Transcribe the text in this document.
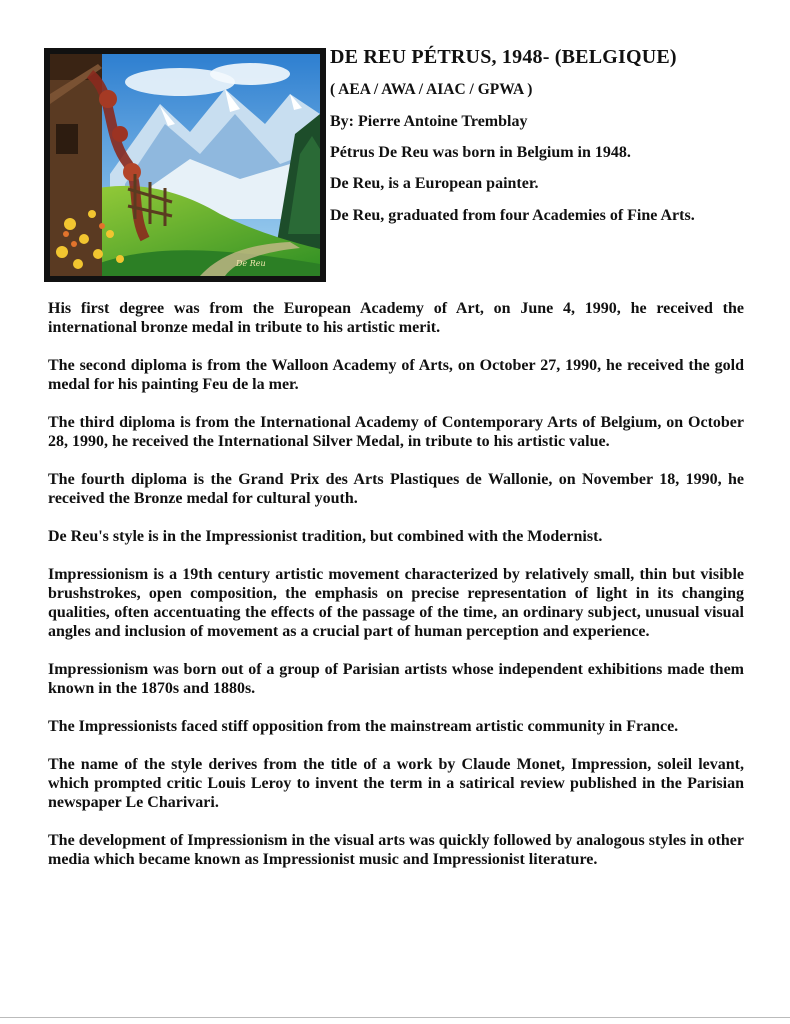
De Reu
DE REU PÉTRUS, 1948- (BELGIQUE)
( AEA / AWA / AIAC / GPWA )
By: Pierre Antoine Tremblay
Pétrus De Reu was born in Belgium in 1948.
De Reu, is a European painter.
De Reu, graduated from four Academies of Fine Arts.

His first degree was from the European Academy of Art, on June 4, 1990, he received the international bronze medal in tribute to his artistic merit.

The second diploma is from the Walloon Academy of Arts, on October 27, 1990, he received the gold medal for his painting Feu de la mer.

The third diploma is from the International Academy of Contemporary Arts of Belgium, on October 28, 1990, he received the International Silver Medal, in tribute to his artistic value.

The fourth diploma is the Grand Prix des Arts Plastiques de Wallonie, on November 18, 1990, he received the Bronze medal for cultural youth.

De Reu's style is in the Impressionist tradition, but combined with the Modernist.

Impressionism is a 19th century artistic movement characterized by relatively small, thin but visible brushstrokes, open composition, the emphasis on precise representation of light in its changing qualities, often accentuating the effects of the passage of the time, an ordinary subject, unusual visual angles and inclusion of movement as a crucial part of human perception and experience.

Impressionism was born out of a group of Parisian artists whose independent exhibitions made them known in the 1870s and 1880s.

The Impressionists faced stiff opposition from the mainstream artistic community in France.

The name of the style derives from the title of a work by Claude Monet, Impression, soleil levant, which prompted critic Louis Leroy to invent the term in a satirical review published in the Parisian newspaper Le Charivari.

The development of Impressionism in the visual arts was quickly followed by analogous styles in other media which became known as Impressionist music and Impressionist literature.
